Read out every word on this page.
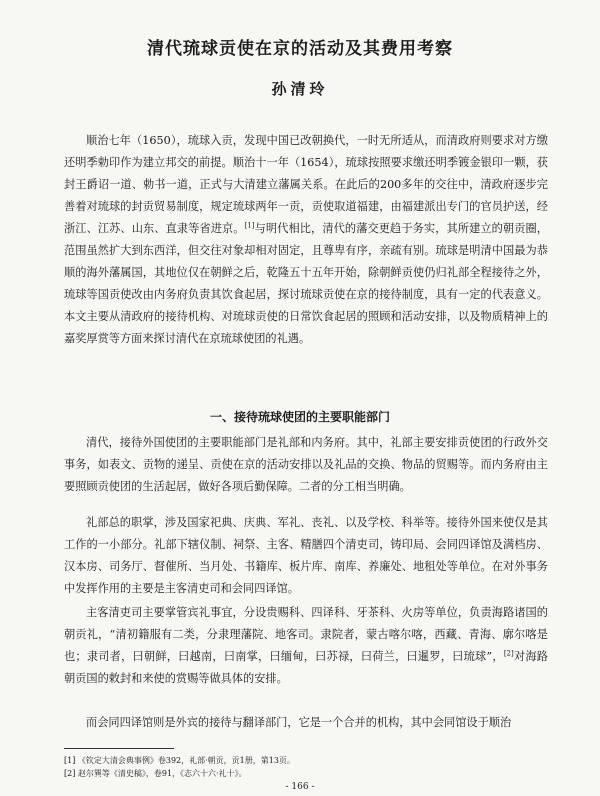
清代琉球贡使在京的活动及其费用考察
孙清玲

顺治七年（1650），琉球入贡，发现中国已改朝换代，一时无所适从，而清政府则要求对方缴还明季勅印作为建立邦交的前提。顺治十一年（1654），琉球按照要求缴还明季镀金银印一颗，获封王爵诏一道、勅书一道，正式与大清建立藩属关系。在此后的200多年的交往中，清政府逐步完善着对琉球的封贡贸易制度，规定琉球两年一贡，贡使取道福建，由福建派出专门的官员护送，经浙江、江苏、山东、直隶等省进京。[1]与明代相比，清代的藩交更趋于务实，其所建立的朝贡圈，范围虽然扩大到东西洋，但交往对象却相对固定，且尊卑有序，亲疏有别。琉球是明清中国最为恭顺的海外藩属国，其地位仅在朝鲜之后，乾隆五十五年开始，除朝鲜贡使仍归礼部全程接待之外，琉球等国贡使改由内务府负责其饮食起居，探讨琉球贡使在京的接待制度，具有一定的代表意义。本文主要从清政府的接待机构、对琉球贡使的日常饮食起居的照顾和活动安排，以及物质精神上的嘉奖厚赏等方面来探讨清代在京琉球使团的礼遇。

一、接待琉球使团的主要职能部门

清代，接待外国使团的主要职能部门是礼部和内务府。其中，礼部主要安排贡使团的行政外交事务，如表文、贡物的递呈、贡使在京的活动安排以及礼品的交换、物品的贸赐等。而内务府由主要照顾贡使团的生活起居，做好各项后勤保障。二者的分工相当明确。

礼部总的职掌，涉及国家祀典、庆典、军礼、丧礼、以及学校、科举等。接待外国来使仅是其工作的一小部分。礼部下辖仪制、祠祭、主客、精膳四个清吏司，铸印局、会同四译馆及满档房、汉本房、司务厅、督催所、当月处、书籍库、板片库、南库、养廉处、地租处等单位。在对外事务中发挥作用的主要是主客清吏司和会同四译馆。

主客清吏司主要掌管宾礼事宜，分设贵赐科、四译科、牙茶科、火房等单位，负责海路诸国的朝贡礼，“清初籍服有二类，分隶理藩院、地客司。隶院者，蒙古喀尔喀，西藏、青海、廓尔喀是也；隶司者，曰朝鲜，曰越南，曰南掌，曰缅甸，曰苏禄，曰荷兰，曰暹罗，曰琉球”，[2]对海路朝贡国的敕封和来使的赏赐等做具体的安排。

而会同四译馆则是外宾的接待与翻译部门，它是一个合并的机构，其中会同馆设于顺治

[1] 《钦定大清会典事例》卷392，礼部·朝贡，贡1册，第13页。

[2] 赵尔巽等《清史稿》，卷91，《志六十六·礼十》。

- 166 -
